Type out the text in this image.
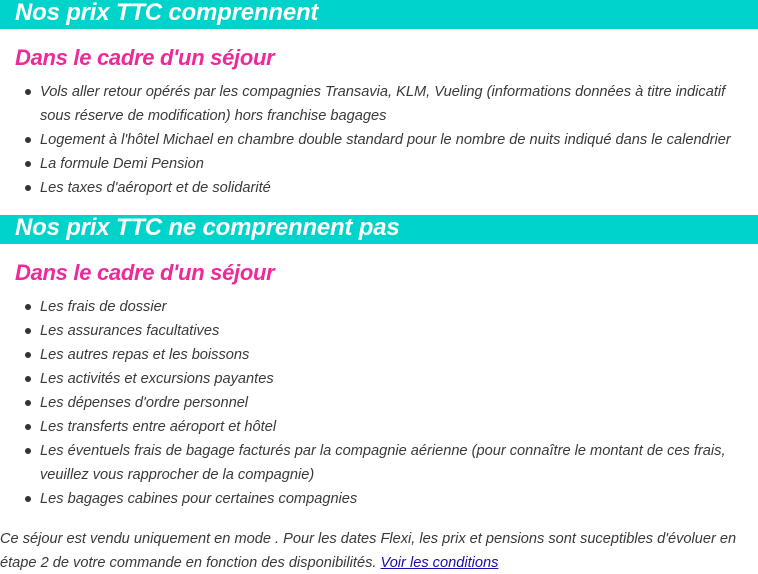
Nos prix TTC comprennent
Dans le cadre d'un séjour
Vols aller retour opérés par les compagnies Transavia, KLM, Vueling (informations données à titre indicatif sous réserve de modification) hors franchise bagages
Logement à l'hôtel Michael en chambre double standard pour le nombre de nuits indiqué dans le calendrier
La formule Demi Pension
Les taxes d'aéroport et de solidarité
Nos prix TTC ne comprennent pas
Dans le cadre d'un séjour
Les frais de dossier
Les assurances facultatives
Les autres repas et les boissons
Les activités et excursions payantes
Les dépenses d'ordre personnel
Les transferts entre aéroport et hôtel
Les éventuels frais de bagage facturés par la compagnie aérienne (pour connaître le montant de ces frais, veuillez vous rapprocher de la compagnie)
Les bagages cabines pour certaines compagnies

Ce séjour est vendu uniquement en mode . Pour les dates Flexi, les prix et pensions sont suceptibles d'évoluer en étape 2 de votre commande en fonction des disponibilités. Voir les conditions
